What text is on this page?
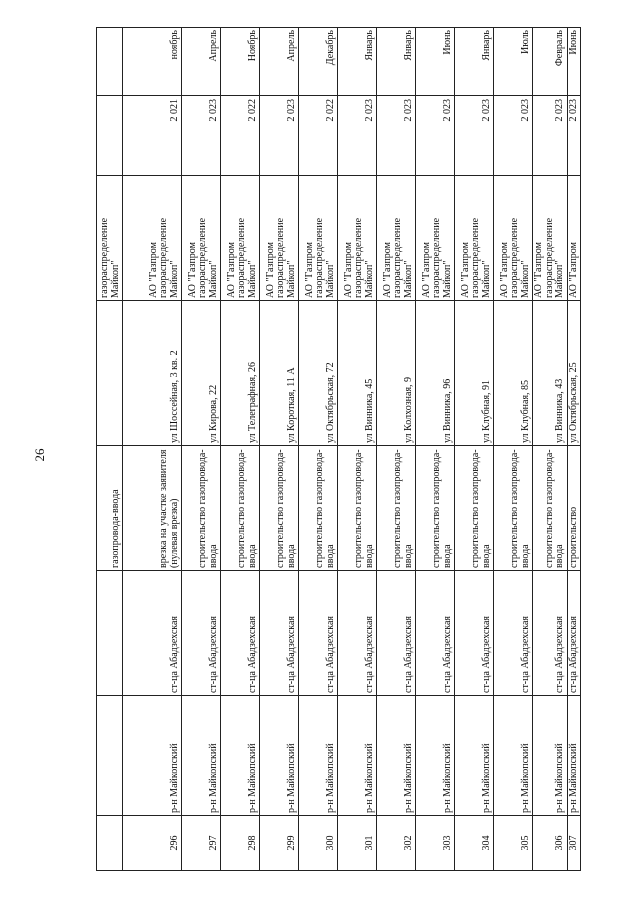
26
			газопровода-ввода		газораспределение Майкоп"		
296	р-н Майкопский	ст-ца Абадзехская	врезка на участке заявителя (нулевая врезка)	ул Шоссейная, 3 кв. 2	АО "Газпром газораспределение Майкоп"	2 021	ноябрь
297	р-н Майкопский	ст-ца Абадзехская	строительство газопровода-ввода	ул Кирова, 22	АО "Газпром газораспределение Майкоп"	2 023	Апрель
298	р-н Майкопский	ст-ца Абадзехская	строительство газопровода-ввода	ул Телеграфная, 26	АО "Газпром газораспределение Майкоп"	2 022	Ноябрь
299	р-н Майкопский	ст-ца Абадзехская	строительство газопровода-ввода	ул Короткая, 11 А	АО "Газпром газораспределение Майкоп"	2 023	Апрель
300	р-н Майкопский	ст-ца Абадзехская	строительство газопровода-ввода	ул Октябрьская, 72	АО "Газпром газораспределение Майкоп"	2 022	Декабрь
301	р-н Майкопский	ст-ца Абадзехская	строительство газопровода-ввода	ул Винника, 45	АО "Газпром газораспределение Майкоп"	2 023	Январь
302	р-н Майкопский	ст-ца Абадзехская	строительство газопровода-ввода	ул Колхозная, 9	АО "Газпром газораспределение Майкоп"	2 023	Январь
303	р-н Майкопский	ст-ца Абадзехская	строительство газопровода-ввода	ул Винника, 96	АО "Газпром газораспределение Майкоп"	2 023	Июнь
304	р-н Майкопский	ст-ца Абадзехская	строительство газопровода-ввода	ул Клубная, 91	АО "Газпром газораспределение Майкоп"	2 023	Январь
305	р-н Майкопский	ст-ца Абадзехская	строительство газопровода-ввода	ул Клубная, 85	АО "Газпром газораспределение Майкоп"	2 023	Июль
306	р-н Майкопский	ст-ца Абадзехская	строительство газопровода-ввода	ул Винника, 43	АО "Газпром газораспределение Майкоп"	2 023	Февраль
307	р-н Майкопский	ст-ца Абадзехская	строительство	ул Октябрьская, 25	АО "Газпром	2 023	Июнь
